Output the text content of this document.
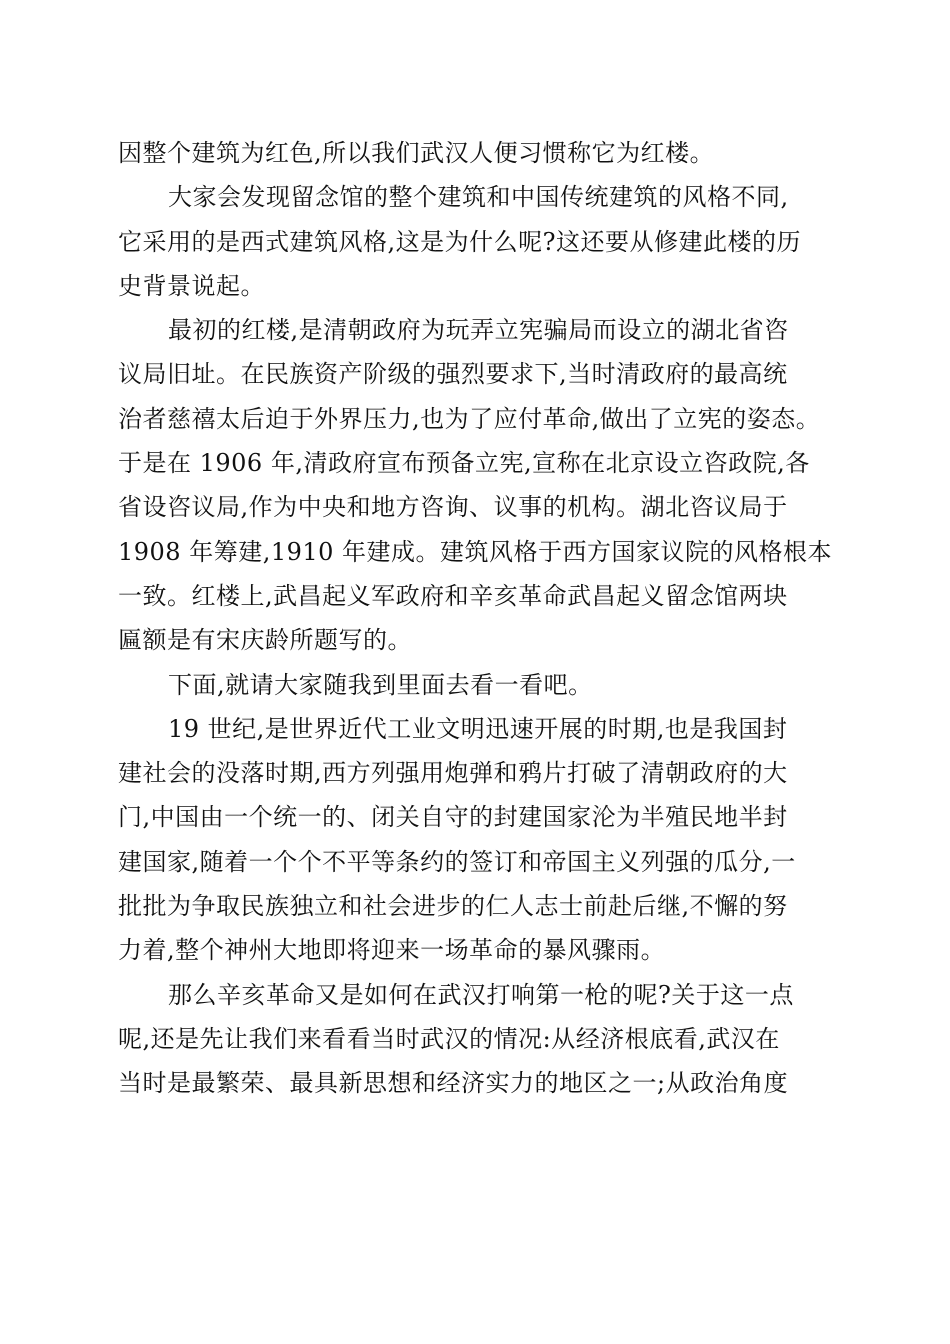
因整个建筑为红色,所以我们武汉人便习惯称它为红楼。
大家会发现留念馆的整个建筑和中国传统建筑的风格不同,
它采用的是西式建筑风格,这是为什么呢?这还要从修建此楼的历
史背景说起。
最初的红楼,是清朝政府为玩弄立宪骗局而设立的湖北省咨
议局旧址。在民族资产阶级的强烈要求下,当时清政府的最高统
治者慈禧太后迫于外界压力,也为了应付革命,做出了立宪的姿态。
于是在 1906 年,清政府宣布预备立宪,宣称在北京设立咨政院,各
省设咨议局,作为中央和地方咨询、议事的机构。湖北咨议局于
1908 年筹建,1910 年建成。建筑风格于西方国家议院的风格根本
一致。红楼上,武昌起义军政府和辛亥革命武昌起义留念馆两块
匾额是有宋庆龄所题写的。
下面,就请大家随我到里面去看一看吧。
19 世纪,是世界近代工业文明迅速开展的时期,也是我国封
建社会的没落时期,西方列强用炮弹和鸦片打破了清朝政府的大
门,中国由一个统一的、闭关自守的封建国家沦为半殖民地半封
建国家,随着一个个不平等条约的签订和帝国主义列强的瓜分,一
批批为争取民族独立和社会进步的仁人志士前赴后继,不懈的努
力着,整个神州大地即将迎来一场革命的暴风骤雨。
那么辛亥革命又是如何在武汉打响第一枪的呢?关于这一点
呢,还是先让我们来看看当时武汉的情况:从经济根底看,武汉在
当时是最繁荣、最具新思想和经济实力的地区之一;从政治角度
